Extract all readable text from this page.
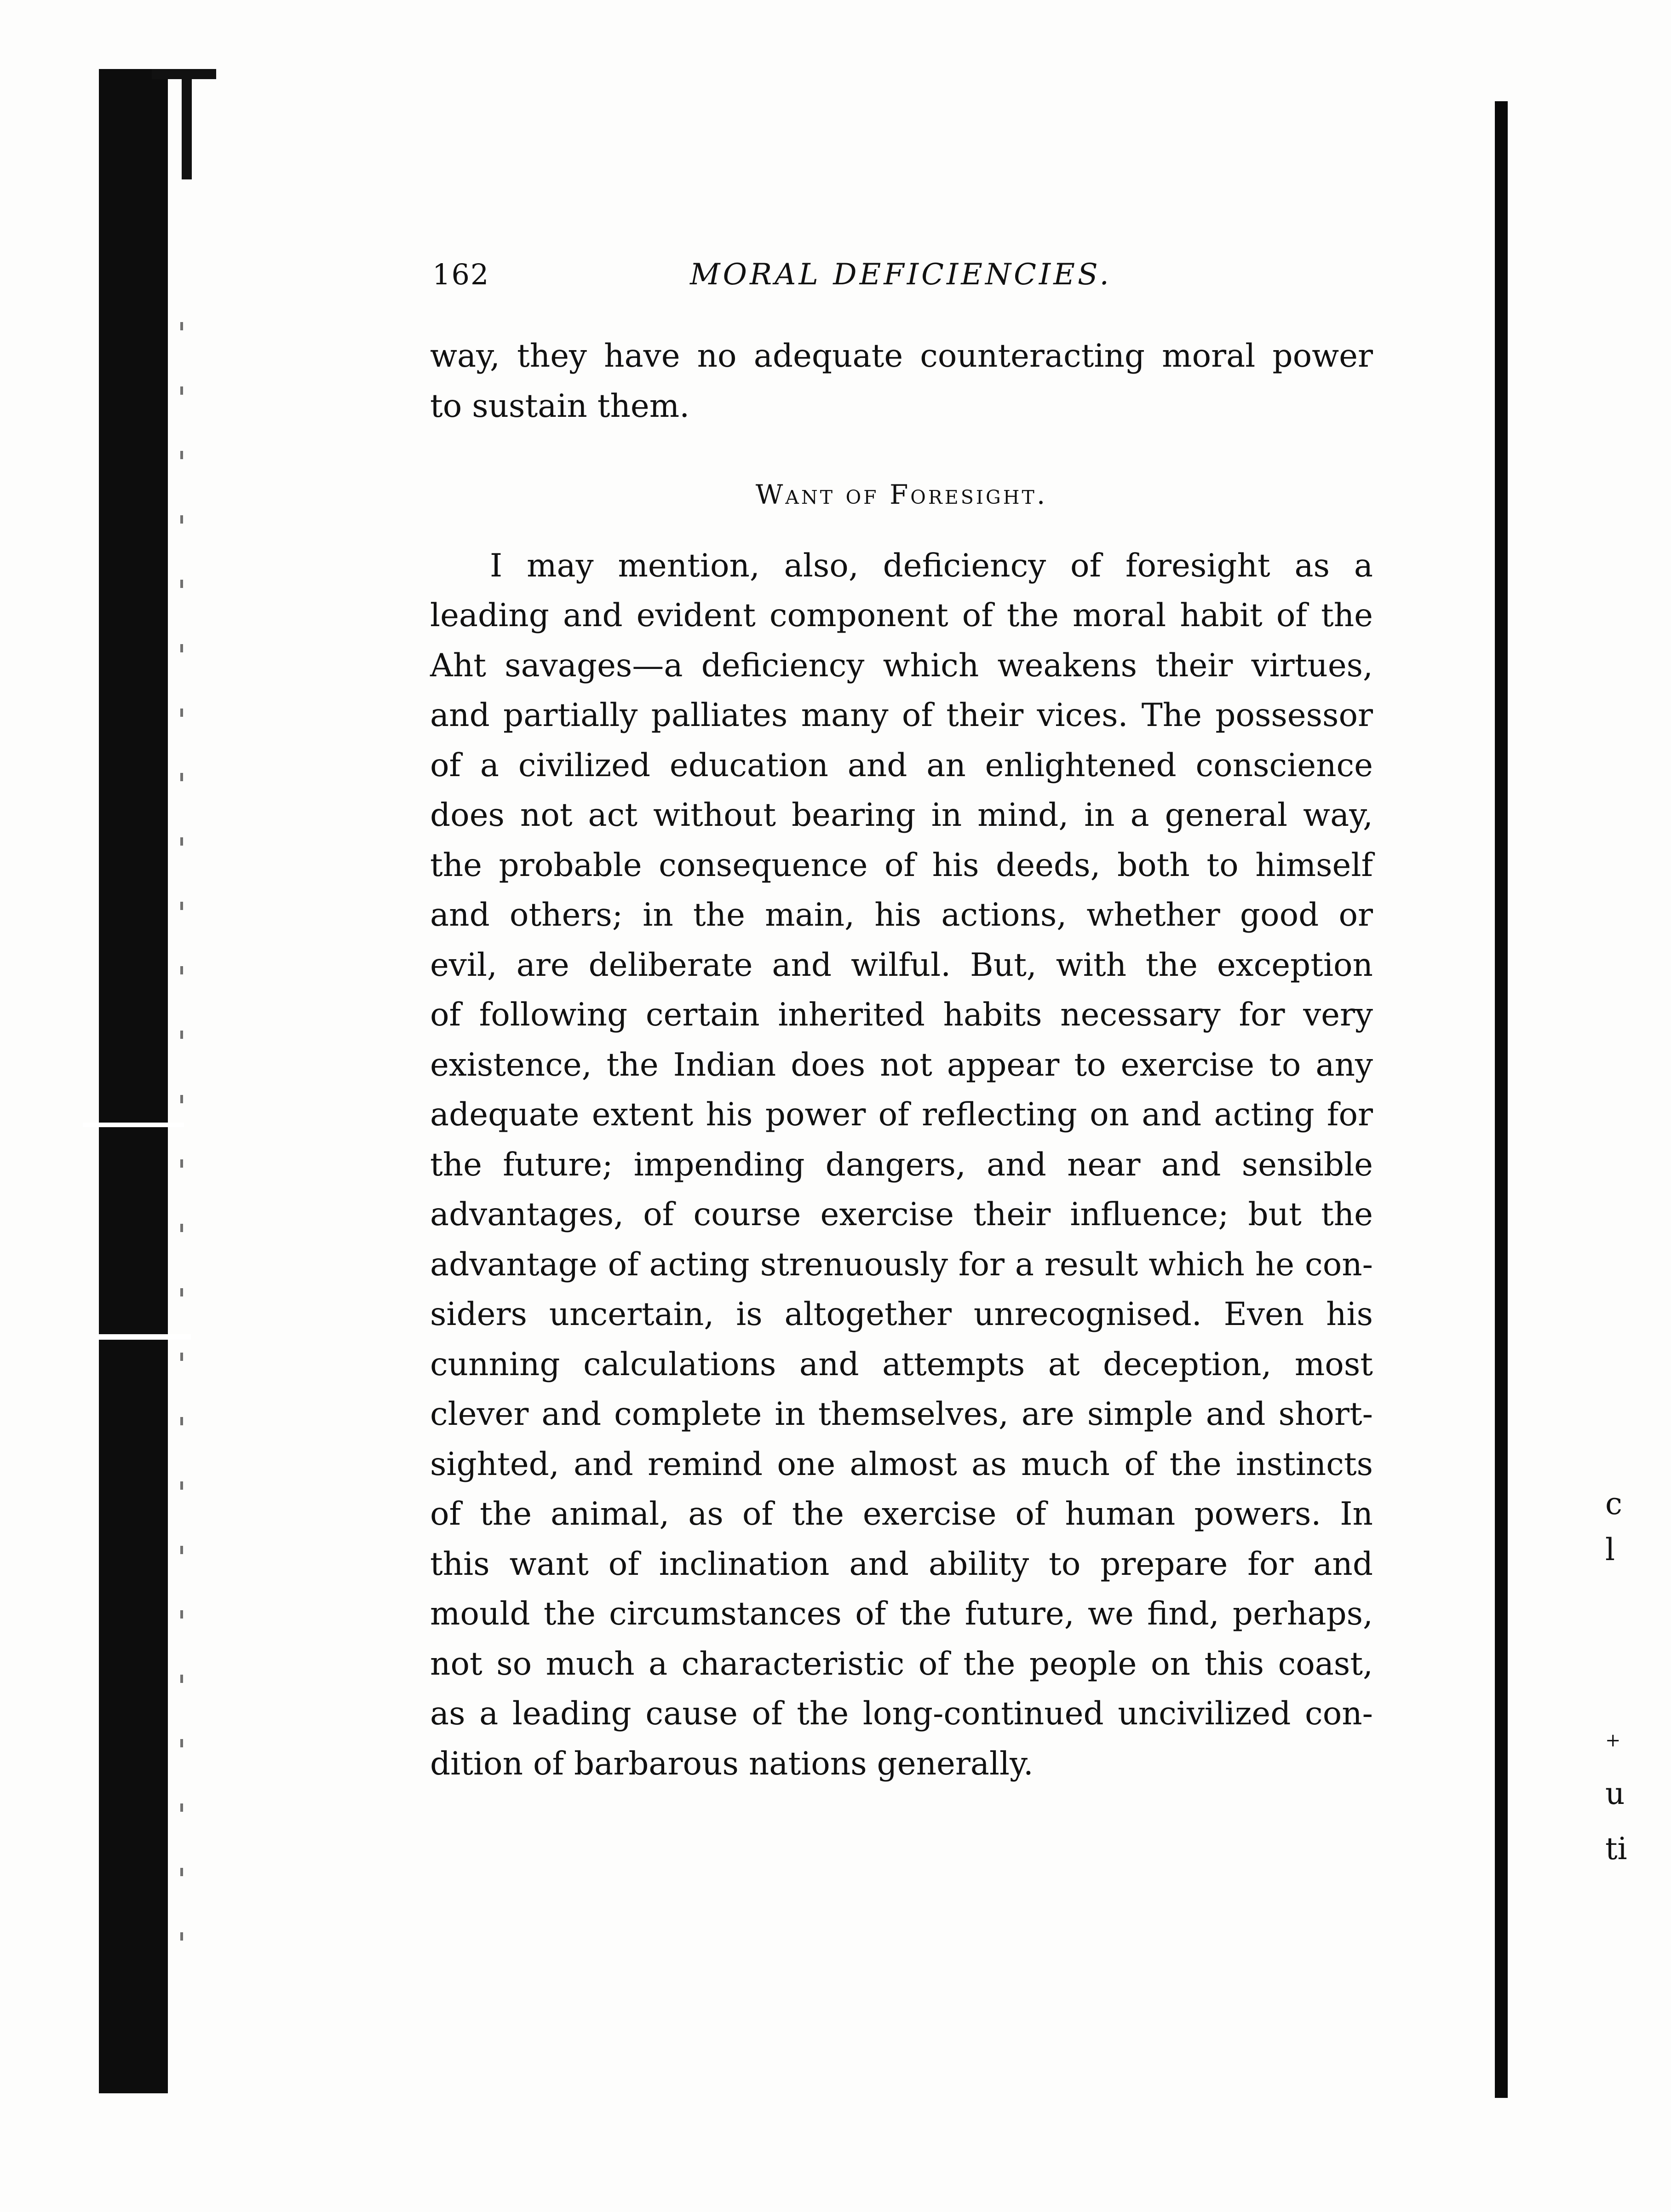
c
l
+
u
ti
162	MORAL DEFICIENCIES.
way, they have no adequate counteracting moral power
to sustain them.
Want of Foresight.
I may mention, also, deficiency of foresight as a
leading and evident component of the moral habit of the
Aht savages—a deficiency which weakens their virtues,
and partially palliates many of their vices. The possessor
of a civilized education and an enlightened conscience
does not act without bearing in mind, in a general way,
the probable consequence of his deeds, both to himself
and others; in the main, his actions, whether good or
evil, are deliberate and wilful. But, with the exception
of following certain inherited habits necessary for very
existence, the Indian does not appear to exercise to any
adequate extent his power of reflecting on and acting for
the future; impending dangers, and near and sensible
advantages, of course exercise their influence; but the
advantage of acting strenuously for a result which he con-
siders uncertain, is altogether unrecognised. Even his
cunning calculations and attempts at deception, most
clever and complete in themselves, are simple and short-
sighted, and remind one almost as much of the instincts
of the animal, as of the exercise of human powers. In
this want of inclination and ability to prepare for and
mould the circumstances of the future, we find, perhaps,
not so much a characteristic of the people on this coast,
as a leading cause of the long-continued uncivilized con-
dition of barbarous nations generally.
